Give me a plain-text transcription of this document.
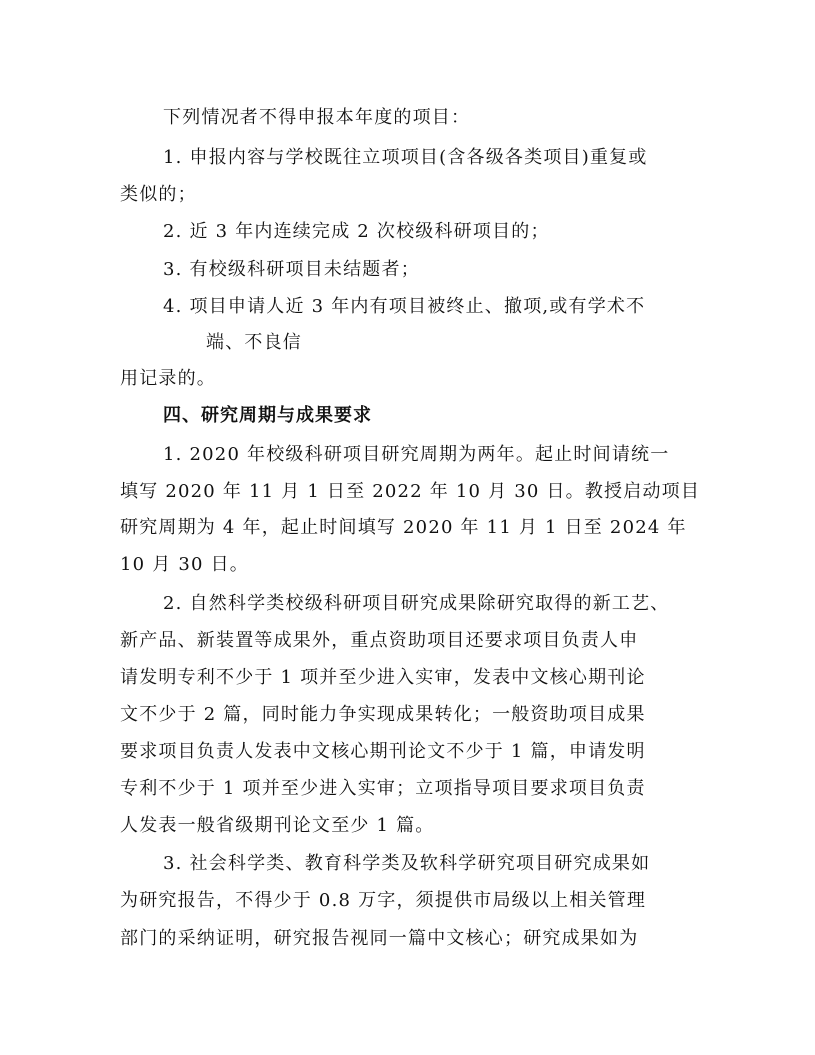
下列情况者不得申报本年度的项目：
1. 申报内容与学校既往立项项目(含各级各类项目)重复或
类似的；
2. 近 3 年内连续完成 2 次校级科研项目的；
3. 有校级科研项目未结题者；
4. 项目申请人近 3 年内有项目被终止、撤项,或有学术不
端、不良信
用记录的。
四、研究周期与成果要求
1. 2020 年校级科研项目研究周期为两年。起止时间请统一
填写 2020 年 11 月 1 日至 2022 年 10 月 30 日。教授启动项目
研究周期为 4 年，起止时间填写 2020 年 11 月 1 日至 2024 年
10 月 30 日。
2. 自然科学类校级科研项目研究成果除研究取得的新工艺、
新产品、新装置等成果外，重点资助项目还要求项目负责人申
请发明专利不少于 1 项并至少进入实审，发表中文核心期刊论
文不少于 2 篇，同时能力争实现成果转化；一般资助项目成果
要求项目负责人发表中文核心期刊论文不少于 1 篇，申请发明
专利不少于 1 项并至少进入实审；立项指导项目要求项目负责
人发表一般省级期刊论文至少 1 篇。
3. 社会科学类、教育科学类及软科学研究项目研究成果如
为研究报告，不得少于 0.8 万字，须提供市局级以上相关管理
部门的采纳证明，研究报告视同一篇中文核心；研究成果如为
